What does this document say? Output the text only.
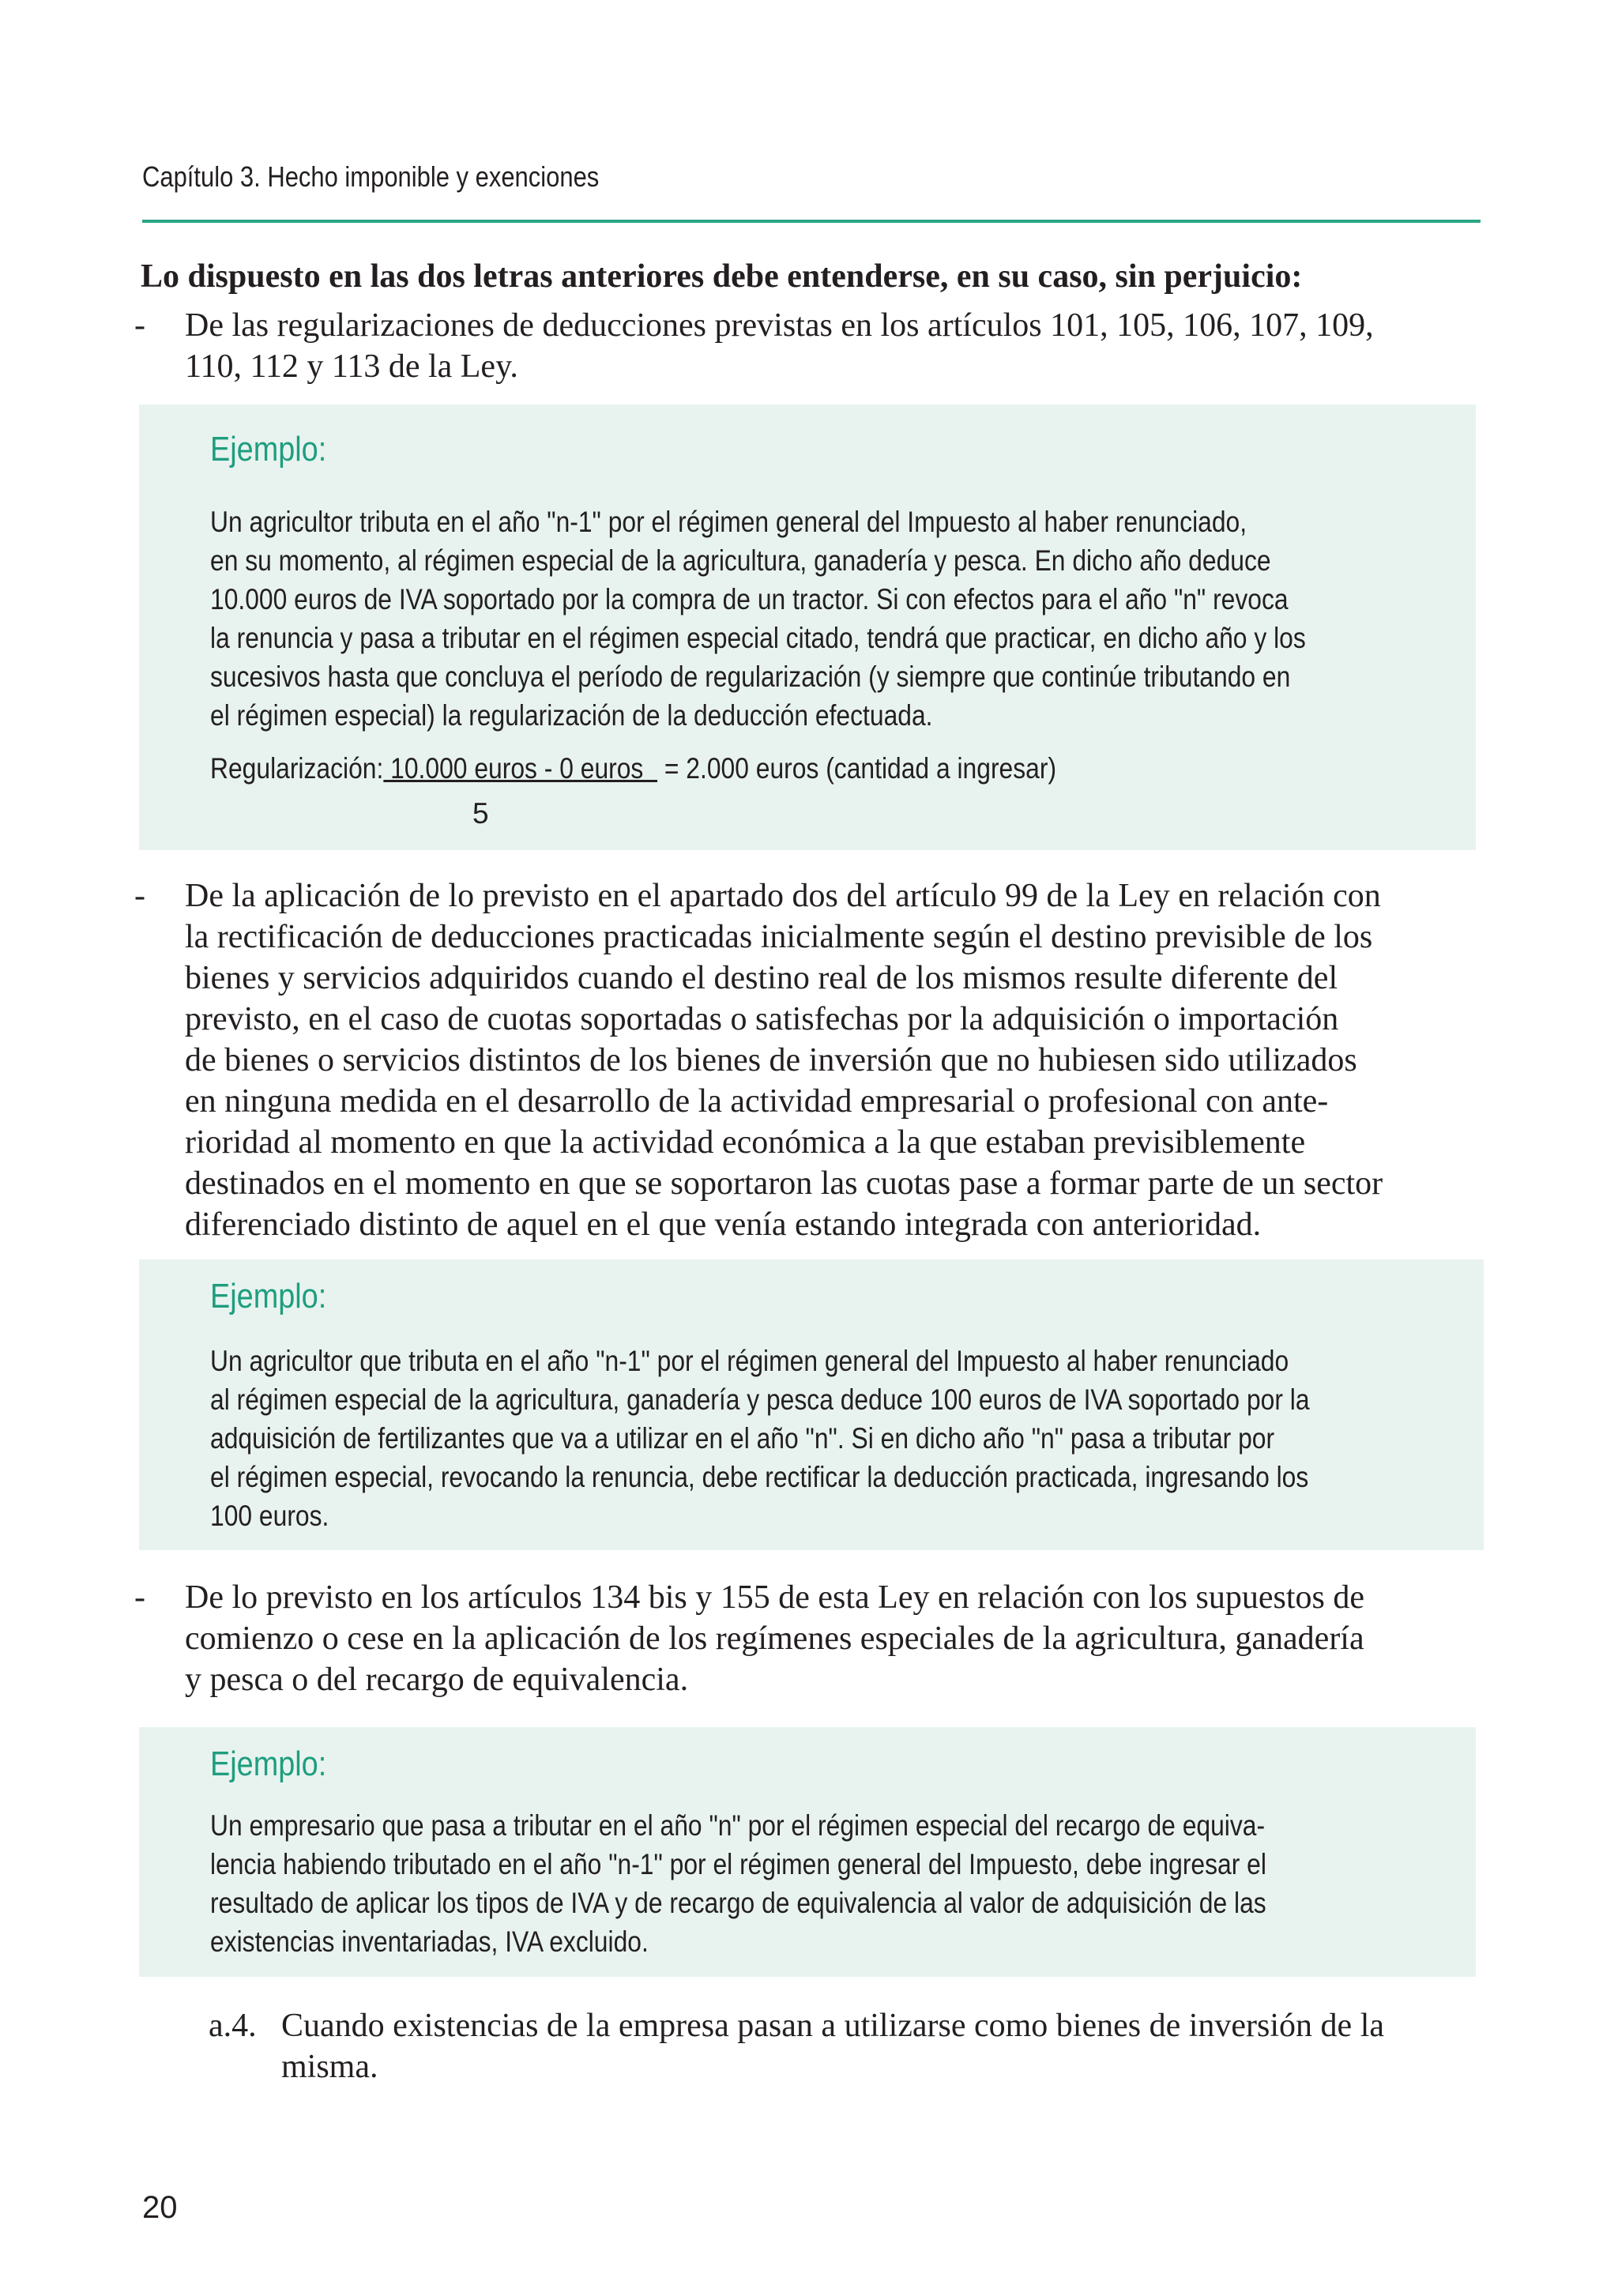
Capítulo 3. Hecho imponible y exenciones
Lo dispuesto en las dos letras anteriores debe entenderse, en su caso, sin perjuicio:
- De las regularizaciones de deducciones previstas en los artículos 101, 105, 106, 107, 109,
110, 112 y 113 de la Ley.
Ejemplo:
Un agricultor tributa en el año "n-1" por el régimen general del Impuesto al haber renunciado,
en su momento, al régimen especial de la agricultura, ganadería y pesca. En dicho año deduce
10.000 euros de IVA soportado por la compra de un tractor. Si con efectos para el año "n" revoca
la renuncia y pasa a tributar en el régimen especial citado, tendrá que practicar, en dicho año y los
sucesivos hasta que concluya el período de regularización (y siempre que continúe tributando en
el régimen especial) la regularización de la deducción efectuada.
Regularización: 10.000 euros - 0 euros   = 2.000 euros (cantidad a ingresar)
5
- De la aplicación de lo previsto en el apartado dos del artículo 99 de la Ley en relación con
la rectificación de deducciones practicadas inicialmente según el destino previsible de los
bienes y servicios adquiridos cuando el destino real de los mismos resulte diferente del
previsto, en el caso de cuotas soportadas o satisfechas por la adquisición o importación
de bienes o servicios distintos de los bienes de inversión que no hubiesen sido utilizados
en ninguna medida en el desarrollo de la actividad empresarial o profesional con ante-
rioridad al momento en que la actividad económica a la que estaban previsiblemente
destinados en el momento en que se soportaron las cuotas pase a formar parte de un sector
diferenciado distinto de aquel en el que venía estando integrada con anterioridad.
Ejemplo:
Un agricultor que tributa en el año "n-1" por el régimen general del Impuesto al haber renunciado
al régimen especial de la agricultura, ganadería y pesca deduce 100 euros de IVA soportado por la
adquisición de fertilizantes que va a utilizar en el año "n". Si en dicho año "n" pasa a tributar por
el régimen especial, revocando la renuncia, debe rectificar la deducción practicada, ingresando los
100 euros.
- De lo previsto en los artículos 134 bis y 155 de esta Ley en relación con los supuestos de
comienzo o cese en la aplicación de los regímenes especiales de la agricultura, ganadería
y pesca o del recargo de equivalencia.
Ejemplo:
Un empresario que pasa a tributar en el año "n" por el régimen especial del recargo de equiva-
lencia habiendo tributado en el año "n-1" por el régimen general del Impuesto, debe ingresar el
resultado de aplicar los tipos de IVA y de recargo de equivalencia al valor de adquisición de las
existencias inventariadas, IVA excluido.
a.4. Cuando existencias de la empresa pasan a utilizarse como bienes de inversión de la
misma.
20
